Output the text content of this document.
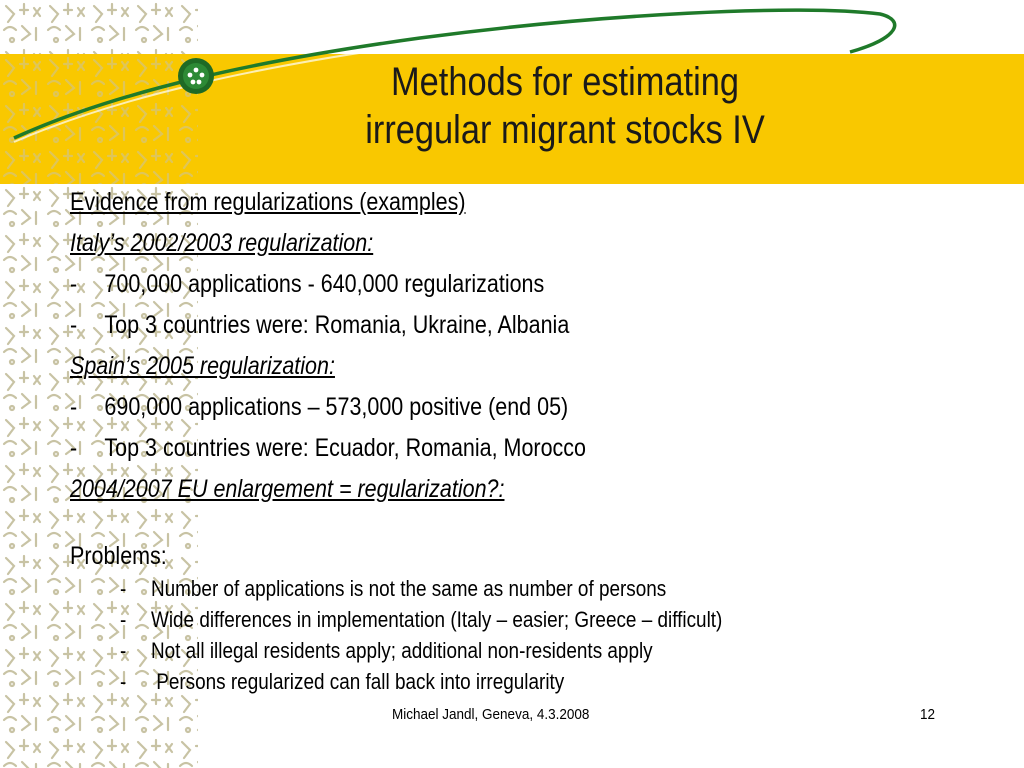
Methods for estimating
irregular migrant stocks IV
Evidence from regularizations (examples)
Italy’s 2002/2003 regularization:
- 700,000 applications - 640,000 regularizations
- Top 3 countries were: Romania, Ukraine, Albania
Spain’s 2005 regularization:
- 690,000 applications – 573,000 positive (end 05)
- Top 3 countries were: Ecuador, Romania, Morocco
2004/2007 EU enlargement = regularization?:
Problems:
- Number of applications is not the same as number of persons
- Wide differences in implementation (Italy – easier; Greece – difficult)
- Not all illegal residents apply; additional non-residents apply
- Persons regularized can fall back into irregularity
Michael Jandl, Geneva, 4.3.2008	12
